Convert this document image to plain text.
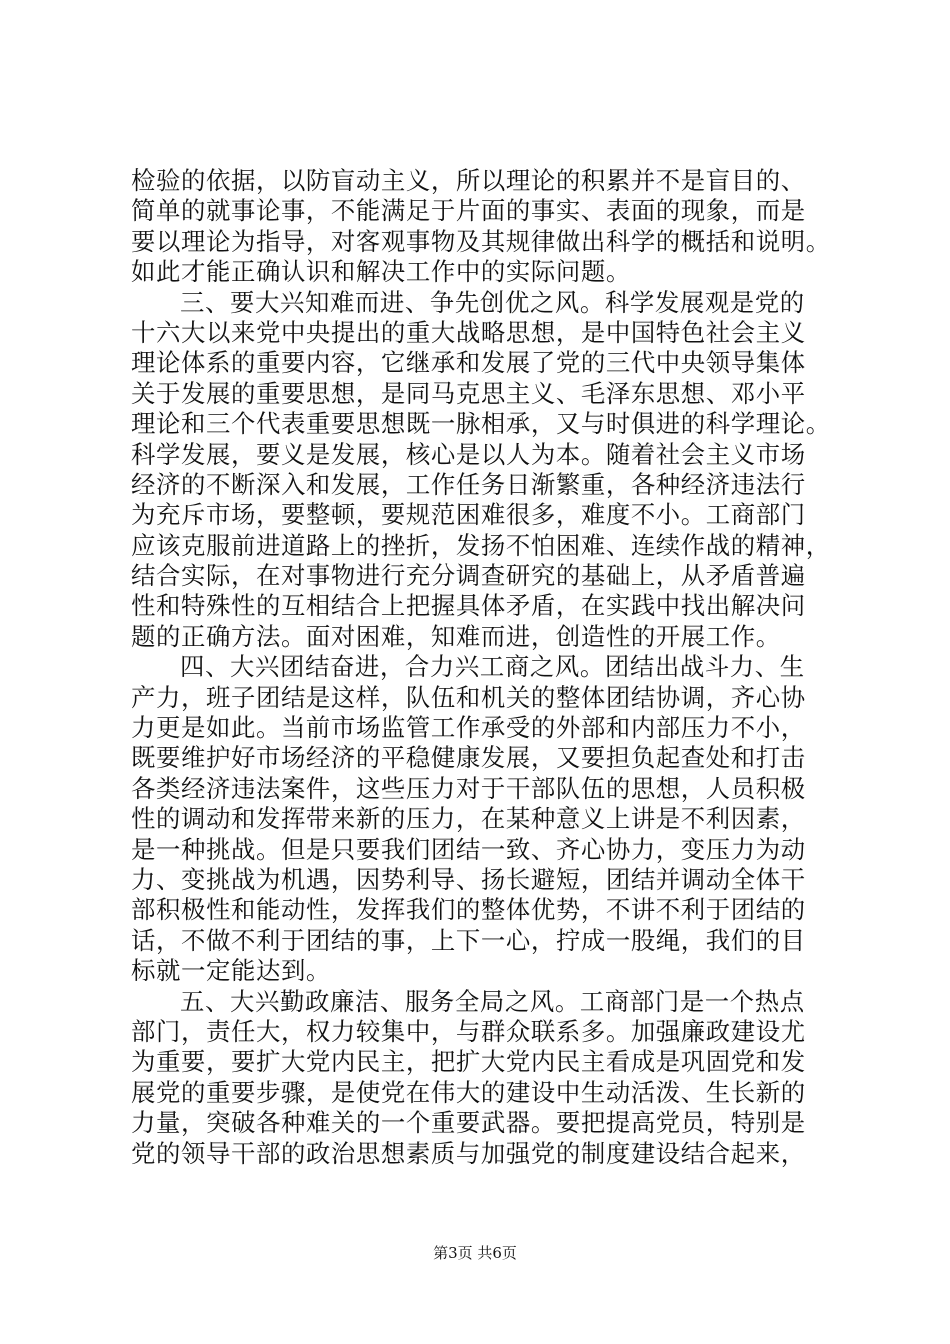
检验的依据，以防盲动主义，所以理论的积累并不是盲目的、
简单的就事论事，不能满足于片面的事实、表面的现象，而是
要以理论为指导，对客观事物及其规律做出科学的概括和说明。
如此才能正确认识和解决工作中的实际问题。
三、要大兴知难而进、争先创优之风。科学发展观是党的
十六大以来党中央提出的重大战略思想，是中国特色社会主义
理论体系的重要内容，它继承和发展了党的三代中央领导集体
关于发展的重要思想，是同马克思主义、毛泽东思想、邓小平
理论和三个代表重要思想既一脉相承，又与时俱进的科学理论。
科学发展，要义是发展，核心是以人为本。随着社会主义市场
经济的不断深入和发展，工作任务日渐繁重，各种经济违法行
为充斥市场，要整顿，要规范困难很多，难度不小。工商部门
应该克服前进道路上的挫折，发扬不怕困难、连续作战的精神，
结合实际，在对事物进行充分调查研究的基础上，从矛盾普遍
性和特殊性的互相结合上把握具体矛盾，在实践中找出解决问
题的正确方法。面对困难，知难而进，创造性的开展工作。
四、大兴团结奋进，合力兴工商之风。团结出战斗力、生
产力，班子团结是这样，队伍和机关的整体团结协调，齐心协
力更是如此。当前市场监管工作承受的外部和内部压力不小，
既要维护好市场经济的平稳健康发展，又要担负起查处和打击
各类经济违法案件，这些压力对于干部队伍的思想，人员积极
性的调动和发挥带来新的压力，在某种意义上讲是不利因素，
是一种挑战。但是只要我们团结一致、齐心协力，变压力为动
力、变挑战为机遇，因势利导、扬长避短，团结并调动全体干
部积极性和能动性，发挥我们的整体优势，不讲不利于团结的
话，不做不利于团结的事，上下一心，拧成一股绳，我们的目
标就一定能达到。
五、大兴勤政廉洁、服务全局之风。工商部门是一个热点
部门，责任大，权力较集中，与群众联系多。加强廉政建设尤
为重要，要扩大党内民主，把扩大党内民主看成是巩固党和发
展党的重要步骤，是使党在伟大的建设中生动活泼、生长新的
力量，突破各种难关的一个重要武器。要把提高党员，特别是
党的领导干部的政治思想素质与加强党的制度建设结合起来，
第3页 共6页
